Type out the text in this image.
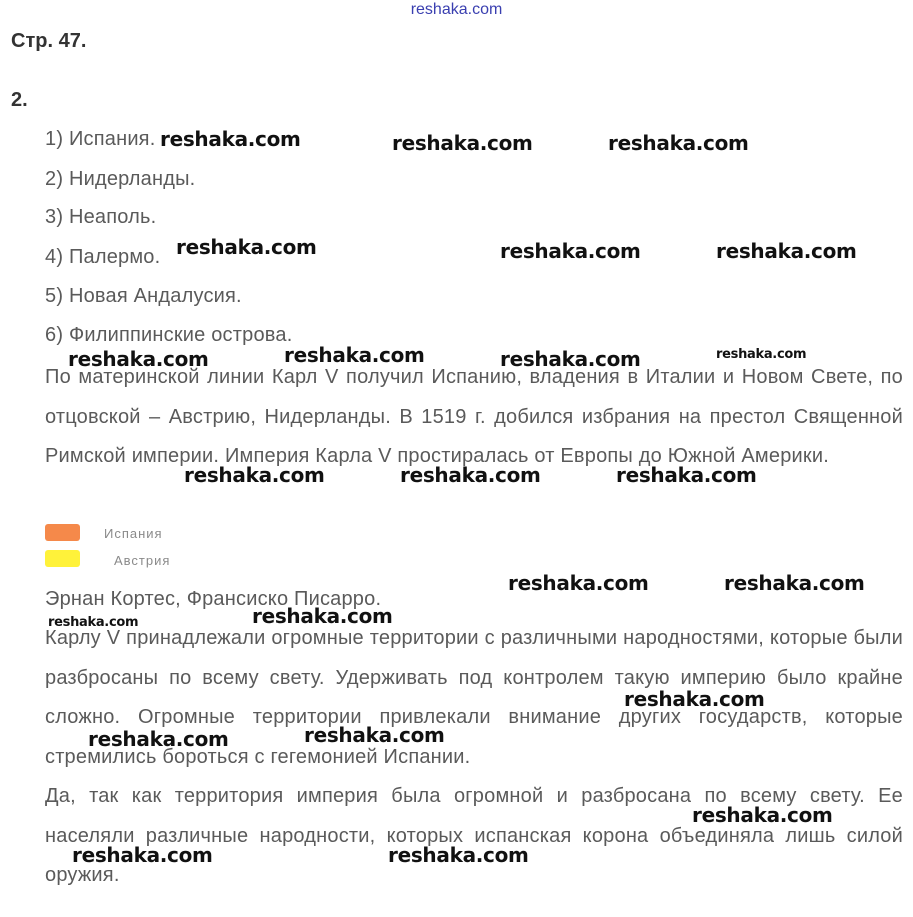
reshaka.com
Стр. 47.
2.
1) Испания.
2) Нидерланды.
3) Неаполь.
4) Палермо.
5) Новая Андалусия.
6) Филиппинские острова.
По материнской линии Карл V получил Испанию, владения в Италии и Новом Свете, по отцовской – Австрию, Нидерланды. В 1519 г. добился избрания на престол Священной Римской империи. Империя Карла V простиралась от Европы до Южной Америки.
Испания
Австрия
Эрнан Кортес, Франсиско Писарро.
Карлу V принадлежали огромные территории с различными народностями, которые были разбросаны по всему свету. Удерживать под контролем такую империю было крайне сложно. Огромные территории привлекали внимание других государств, которые стремились бороться с гегемонией Испании.
Да, так как территория империя была огромной и разбросана по всему свету. Ее населяли различные народности, которых испанская корона объединяла лишь силой оружия.
reshaka.com	reshaka.com	reshaka.com
reshaka.com	reshaka.com	reshaka.com
reshaka.com	reshaka.com	reshaka.com	reshaka.com
reshaka.com	reshaka.com	reshaka.com
reshaka.com	reshaka.com
reshaka.com
reshaka.com
reshaka.com
reshaka.com	reshaka.com
reshaka.com
reshaka.com	reshaka.com
